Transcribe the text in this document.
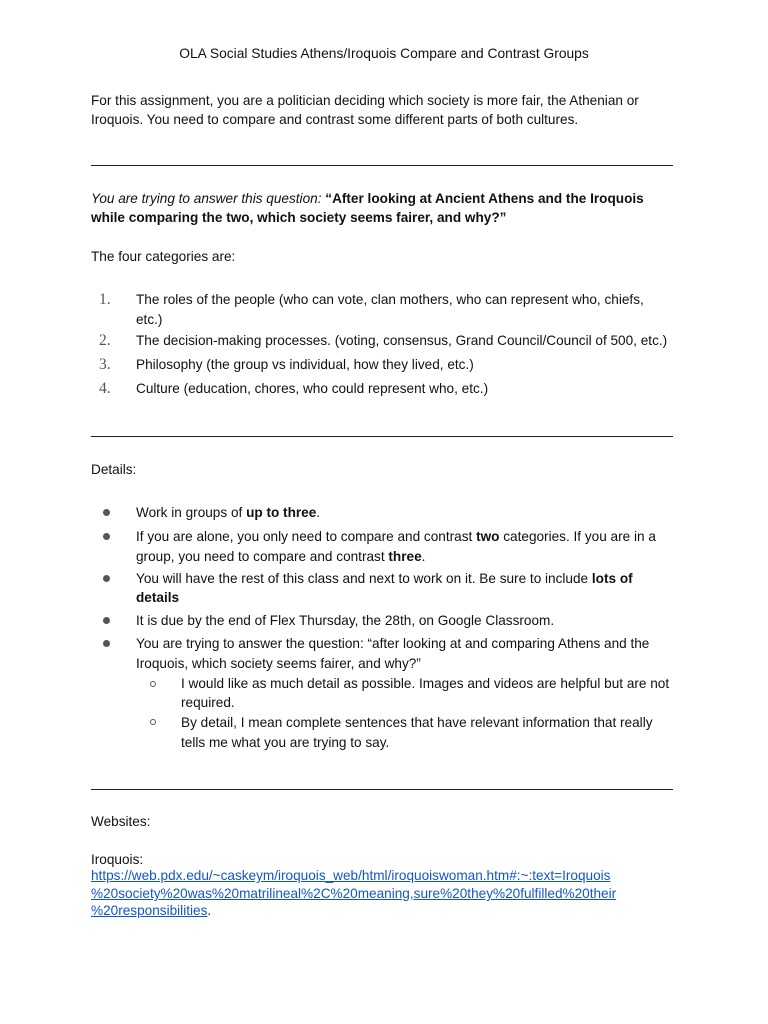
OLA Social Studies Athens/Iroquois Compare and Contrast Groups
For this assignment, you are a politician deciding which society is more fair, the Athenian or
Iroquois. You need to compare and contrast some different parts of both cultures.
You are trying to answer this question: “After looking at Ancient Athens and the Iroquois
while comparing the two, which society seems fairer, and why?”
The four categories are:
1. The roles of the people (who can vote, clan mothers, who can represent who, chiefs,
etc.)
2. The decision-making processes. (voting, consensus, Grand Council/Council of 500, etc.)
3. Philosophy (the group vs individual, how they lived, etc.)
4. Culture (education, chores, who could represent who, etc.)
Details:
Work in groups of up to three.
If you are alone, you only need to compare and contrast two categories. If you are in a
group, you need to compare and contrast three.
You will have the rest of this class and next to work on it. Be sure to include lots of
details
It is due by the end of Flex Thursday, the 28th, on Google Classroom.
You are trying to answer the question: “after looking at and comparing Athens and the
Iroquois, which society seems fairer, and why?”
I would like as much detail as possible. Images and videos are helpful but are not
required.
By detail, I mean complete sentences that have relevant information that really
tells me what you are trying to say.
Websites:
Iroquois:
https://web.pdx.edu/~caskeym/iroquois_web/html/iroquoiswoman.htm#:~:text=Iroquois
%20society%20was%20matrilineal%2C%20meaning,sure%20they%20fulfilled%20their
%20responsibilities.
